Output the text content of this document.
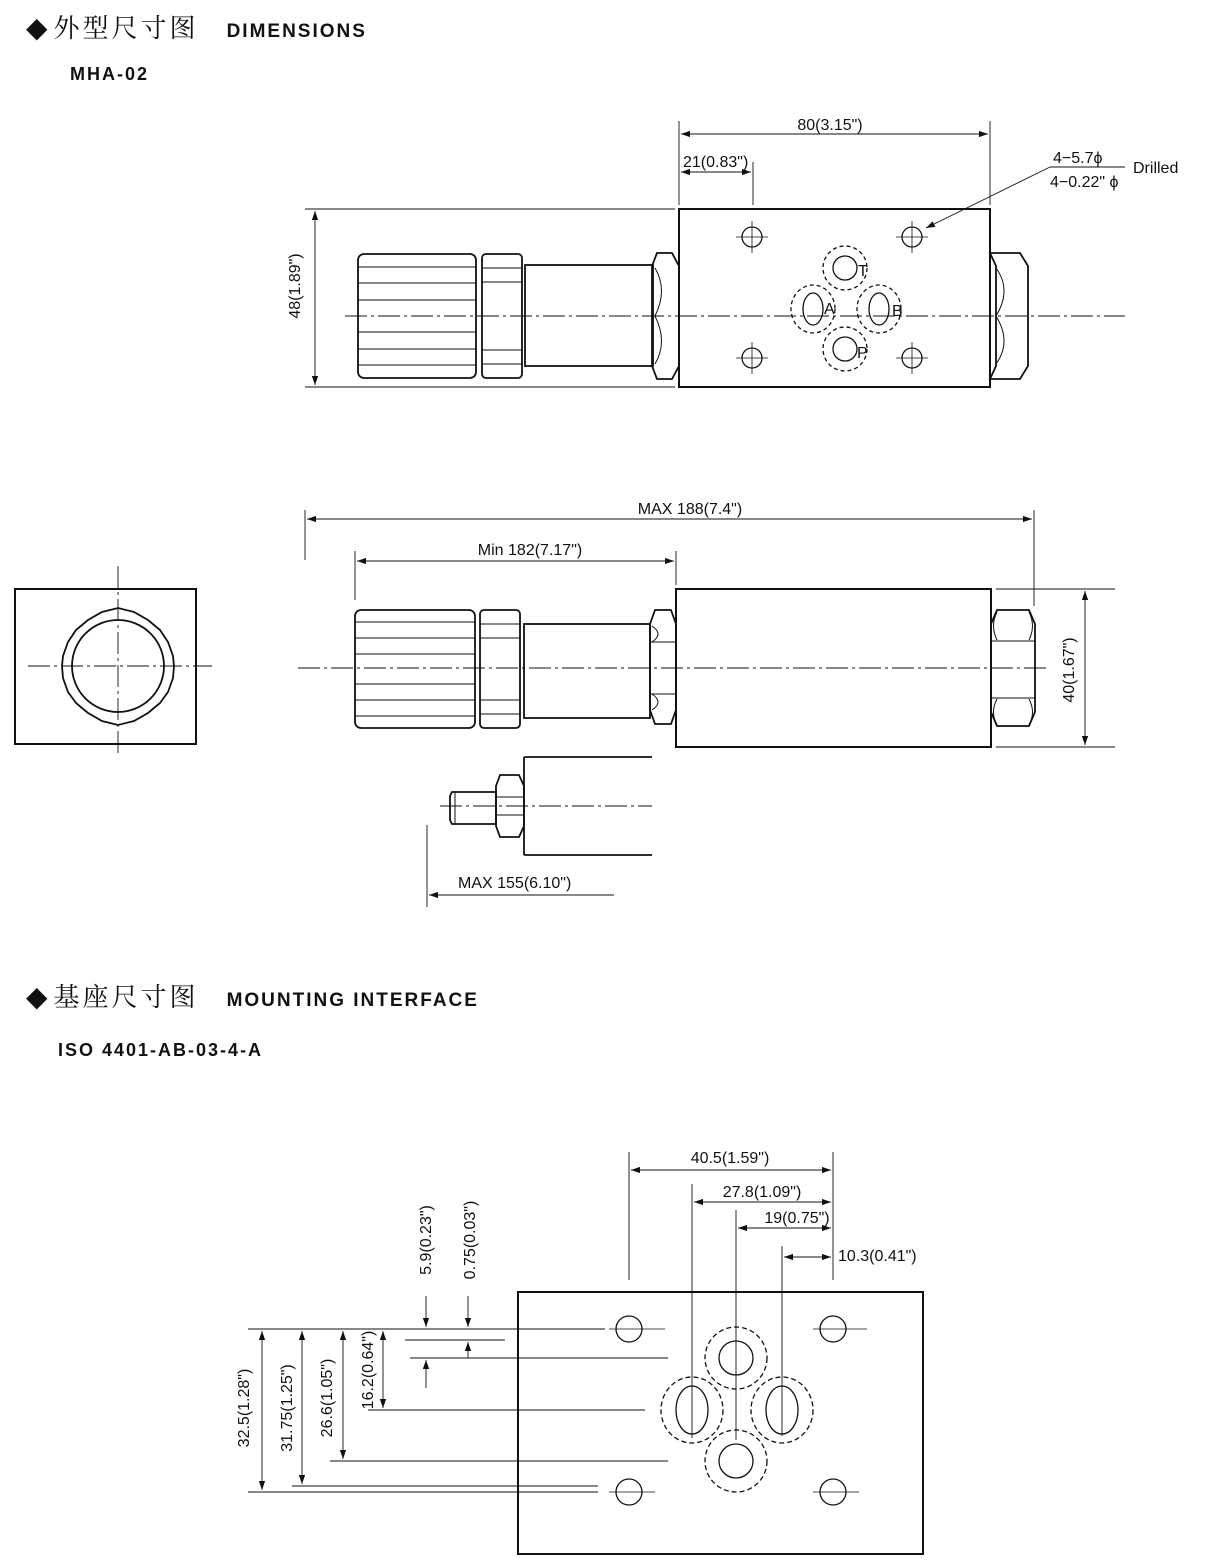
◆ 外型尺寸图 DIMENSIONS
MHA-02
◆ 基座尺寸图 MOUNTING INTERFACE
ISO 4401-AB-03-4-A
80(3.15")
21(0.83")
48(1.89")
4−5.7ϕ
4−0.22" ϕ
Drilled
T
A	B
P
MAX 188(7.4")
Min 182(7.17")
40(1.67")
MAX 155(6.10")
40.5(1.59")
27.8(1.09")
19(0.75")
10.3(0.41")
5.9(0.23") 0.75(0.03")
32.5(1.28") 31.75(1.25") 26.6(1.05") 16.2(0.64")
